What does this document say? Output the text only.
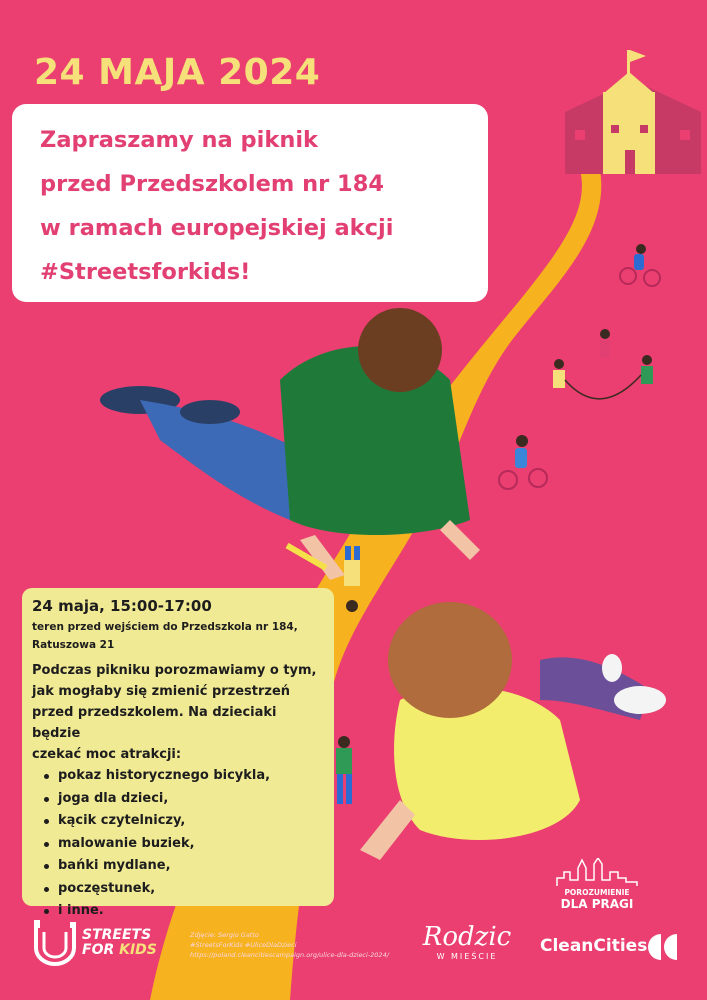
24 MAJA 2024
Zapraszamy na piknik
przed Przedszkolem nr 184
w ramach europejskiej akcji
#Streetsforkids!
24 maja, 15:00-17:00
teren przed wejściem do Przedszkola nr 184,
Ratuszowa 21
Podczas pikniku porozmawiamy o tym,
jak mogłaby się zmienić przestrzeń
przed przedszkolem. Na dzieciaki będzie
czekać moc atrakcji:
pokaz historycznego bicykla,
joga dla dzieci,
kącik czytelniczy,
malowanie buziek,
bańki mydlane,
poczęstunek,
i inne.
STREETS
FOR KIDS
Zdjęcie: Sergio Gatto
#StreetsForKids #UliceDlaDzieci
https://poland.cleancitiescampaign.org/ulice-dla-dzieci-2024/
POROZUMIENIE
DLA PRAGI
Rodzic
W MIEŚCIE
CleanCities
